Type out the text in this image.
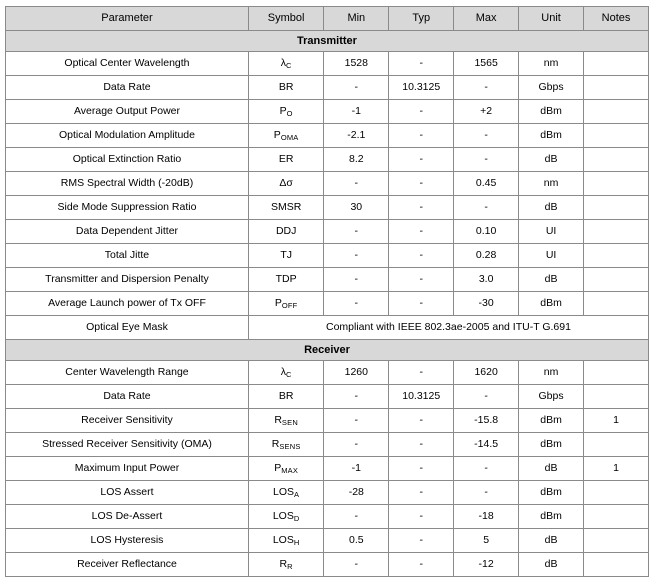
Parameter	Symbol	Min	Typ	Max	Unit	Notes
Transmitter						
Optical Center Wavelength	λC	1528	-	1565	nm	
Data Rate	BR	-	10.3125	-	Gbps	
Average Output Power	PO	-1	-	+2	dBm	
Optical Modulation Amplitude	POMA	-2.1	-	-	dBm	
Optical Extinction Ratio	ER	8.2	-	-	dB	
RMS Spectral Width (-20dB)	Δσ	-	-	0.45	nm	
Side Mode Suppression Ratio	SMSR	30	-	-	dB	
Data Dependent Jitter	DDJ	-	-	0.10	UI	
Total Jitte	TJ	-	-	0.28	UI	
Transmitter and Dispersion Penalty	TDP	-	-	3.0	dB	
Average Launch power of Tx OFF	POFF	-	-	-30	dBm	
Optical Eye Mask	Compliant with IEEE 802.3ae-2005 and ITU-T G.691					
Receiver						
Center Wavelength Range	λC	1260	-	1620	nm	
Data Rate	BR	-	10.3125	-	Gbps	
Receiver Sensitivity	RSEN	-	-	-15.8	dBm	1
Stressed Receiver Sensitivity (OMA)	RSENS	-	-	-14.5	dBm	
Maximum Input Power	PMAX	-1	-	-	dB	1
LOS Assert	LOSA	-28	-	-	dBm	
LOS De-Assert	LOSD	-	-	-18	dBm	
LOS Hysteresis	LOSH	0.5	-	5	dB	
Receiver Reflectance	RR	-	-	-12	dB	
